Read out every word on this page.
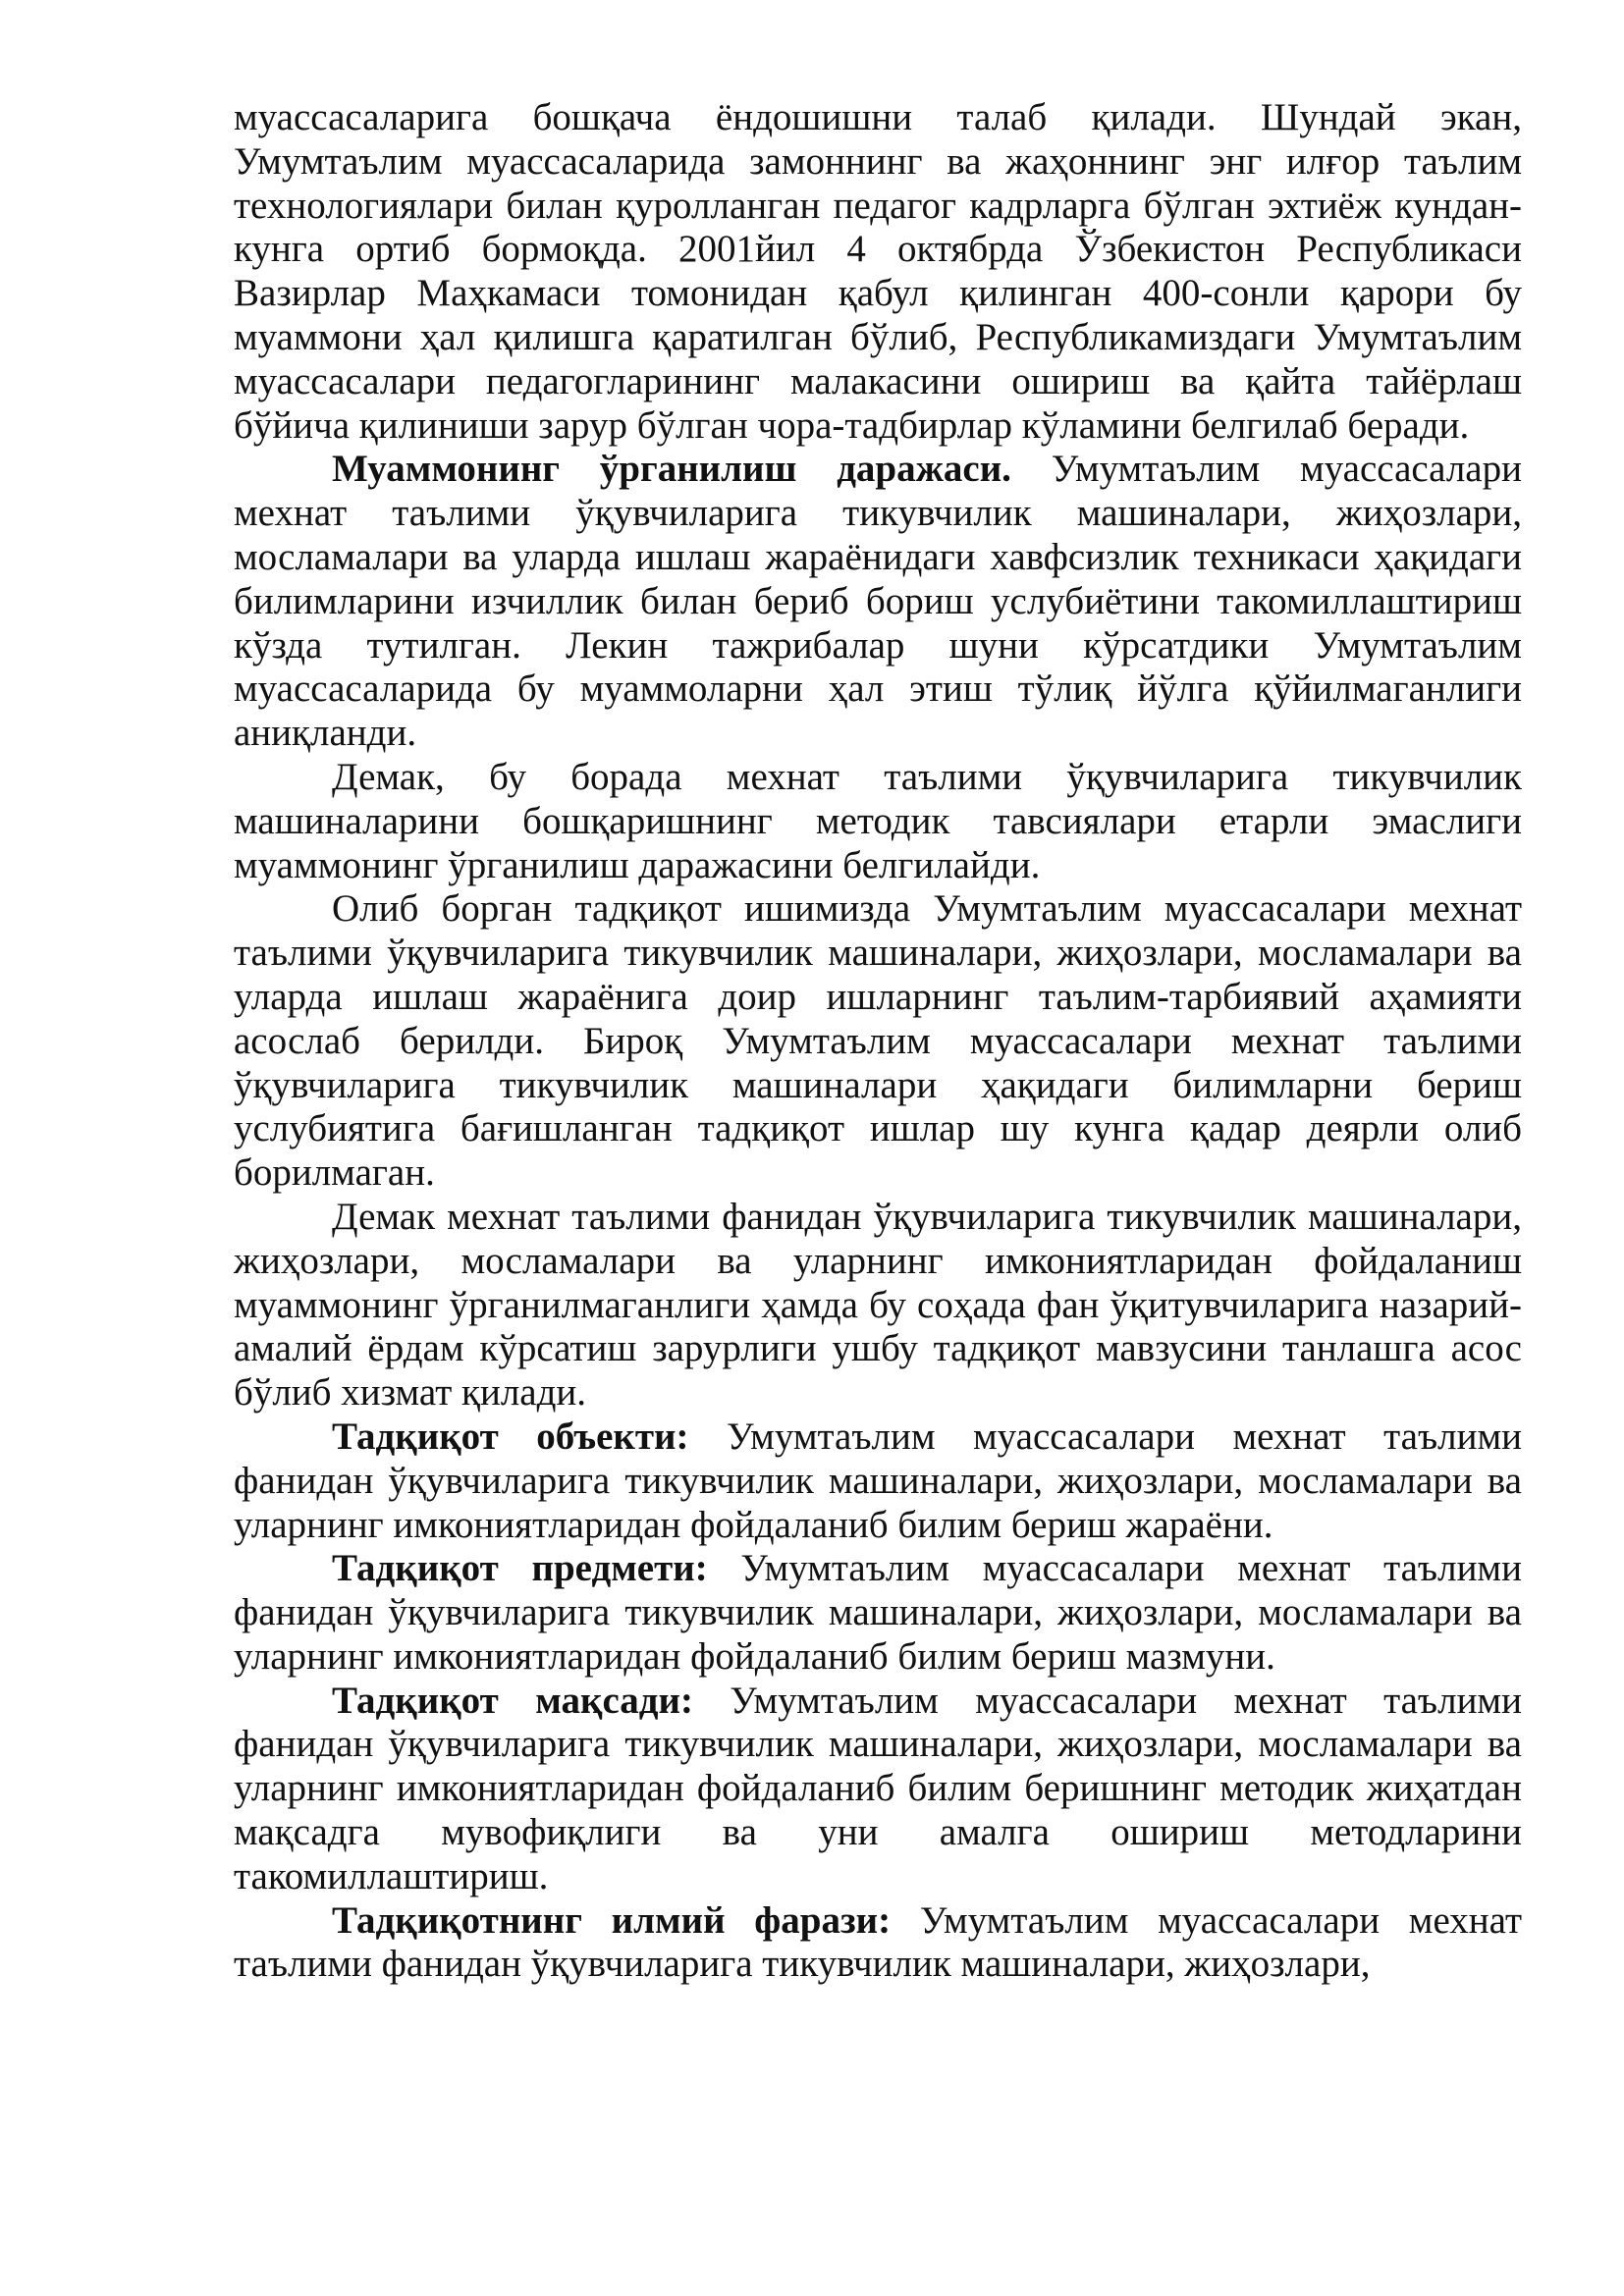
муассасаларига бошқача ёндошишни талаб қилади. Шундай экан, Умумтаълим муассасаларида замоннинг ва жаҳоннинг энг илғор таълим технологиялари билан қуролланган педагог кадрларга бўлган эхтиёж кундан-кунга ортиб бормоқда. 2001йил 4 октябрда Ўзбекистон Республикаси Вазирлар Маҳкамаси томонидан қабул қилинган 400-сонли қарори бу муаммони ҳал қилишга қаратилган бўлиб, Республикамиздаги Умумтаълим муассасалари педагогларининг малакасини ошириш ва қайта тайёрлаш бўйича қилиниши зарур бўлган чора-тадбирлар кўламини белгилаб беради.

Муаммонинг ўрганилиш даражаси. Умумтаълим муассасалари мехнат таълими ўқувчиларига тикувчилик машиналари, жиҳозлари, мосламалари ва уларда ишлаш жараёнидаги хавфсизлик техникаси ҳақидаги билимларини изчиллик билан бериб бориш услубиётини такомиллаштириш кўзда тутилган. Лекин тажрибалар шуни кўрсатдики Умумтаълим муассасаларида бу муаммоларни ҳал этиш тўлиқ йўлга қўйилмаганлиги аниқланди.

Демак, бу борада мехнат таълими ўқувчиларига тикувчилик машиналарини бошқаришнинг методик тавсиялари етарли эмаслиги муаммонинг ўрганилиш даражасини белгилайди.

Олиб борган тадқиқот ишимизда Умумтаълим муассасалари мехнат таълими ўқувчиларига тикувчилик машиналари, жиҳозлари, мосламалари ва уларда ишлаш жараёнига доир ишларнинг таълим-тарбиявий аҳамияти асослаб берилди. Бироқ Умумтаълим муассасалари мехнат таълими ўқувчиларига тикувчилик машиналари ҳақидаги билимларни бериш услубиятига бағишланган тадқиқот ишлар шу кунга қадар деярли олиб борилмаган.

Демак мехнат таълими фанидан ўқувчиларига тикувчилик машиналари, жиҳозлари, мосламалари ва уларнинг имкониятларидан фойдаланиш муаммонинг ўрганилмаганлиги ҳамда бу соҳада фан ўқитувчиларига назарий-амалий ёрдам кўрсатиш зарурлиги ушбу тадқиқот мавзусини танлашга асос бўлиб хизмат қилади.

Тадқиқот объекти: Умумтаълим муассасалари мехнат таълими фанидан ўқувчиларига тикувчилик машиналари, жиҳозлари, мосламалари ва уларнинг имкониятларидан фойдаланиб билим бериш жараёни.

Тадқиқот предмети: Умумтаълим муассасалари мехнат таълими фанидан ўқувчиларига тикувчилик машиналари, жиҳозлари, мосламалари ва уларнинг имкониятларидан фойдаланиб билим бериш мазмуни.

Тадқиқот мақсади: Умумтаълим муассасалари мехнат таълими фанидан ўқувчиларига тикувчилик машиналари, жиҳозлари, мосламалари ва уларнинг имкониятларидан фойдаланиб билим беришнинг методик жиҳатдан мақсадга мувофиқлиги ва уни амалга ошириш методларини такомиллаштириш.

Тадқиқотнинг илмий фарази: Умумтаълим муассасалари мехнат таълими фанидан ўқувчиларига тикувчилик машиналари, жиҳозлари,
